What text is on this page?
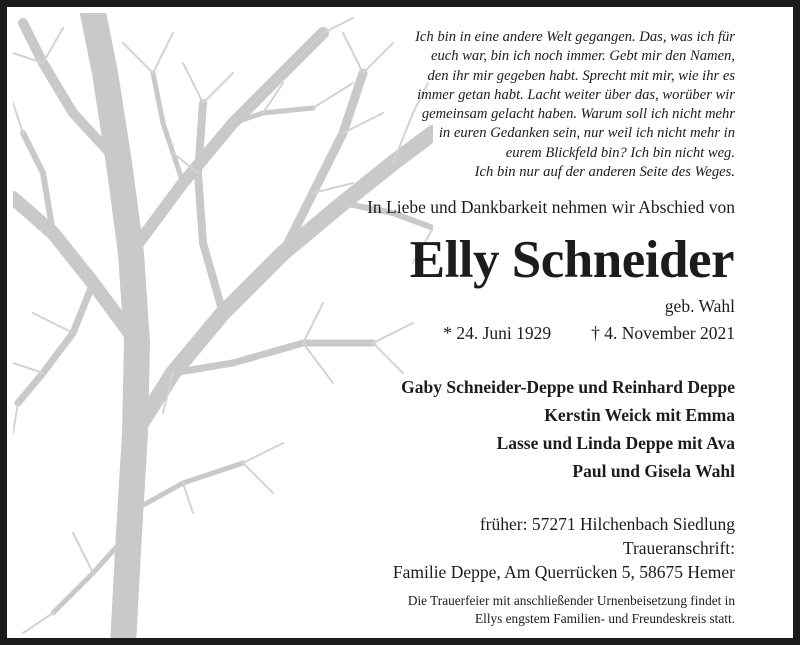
Ich bin in eine andere Welt gegangen. Das, was ich für
euch war, bin ich noch immer. Gebt mir den Namen,
den ihr mir gegeben habt. Sprecht mit mir, wie ihr es
immer getan habt. Lacht weiter über das, worüber wir
gemeinsam gelacht haben. Warum soll ich nicht mehr
in euren Gedanken sein, nur weil ich nicht mehr in
eurem Blickfeld bin? Ich bin nicht weg.
Ich bin nur auf der anderen Seite des Weges.
In Liebe und Dankbarkeit nehmen wir Abschied von
Elly Schneider
geb. Wahl
* 24. Juni 1929 † 4. November 2021
Gaby Schneider-Deppe und Reinhard Deppe
Kerstin Weick mit Emma
Lasse und Linda Deppe mit Ava
Paul und Gisela Wahl
früher: 57271 Hilchenbach Siedlung
Traueranschrift:
Familie Deppe, Am Querrücken 5, 58675 Hemer
Die Trauerfeier mit anschließender Urnenbeisetzung findet in
Ellys engstem Familien- und Freundeskreis statt.
